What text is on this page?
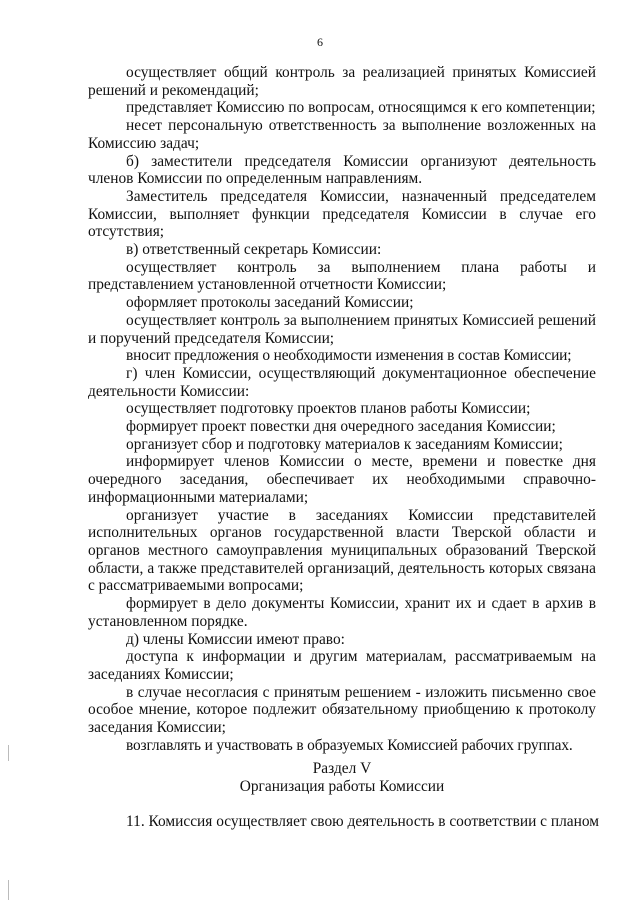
6

осуществляет общий контроль за реализацией принятых Комиссией решений и рекомендаций;

представляет Комиссию по вопросам, относящимся к его компетенции;

несет персональную ответственность за выполнение возложенных на Комиссию задач;

б) заместители председателя Комиссии организуют деятельность членов Комиссии по определенным направлениям.

Заместитель председателя Комиссии, назначенный председателем Комиссии, выполняет функции председателя Комиссии в случае его отсутствия;

в) ответственный секретарь Комиссии:

осуществляет контроль за выполнением плана работы и представлением установленной отчетности Комиссии;

оформляет протоколы заседаний Комиссии;

осуществляет контроль за выполнением принятых Комиссией решений и поручений председателя Комиссии;

вносит предложения о необходимости изменения в состав Комиссии;

г) член Комиссии, осуществляющий документационное обеспечение деятельности Комиссии:

осуществляет подготовку проектов планов работы Комиссии;

формирует проект повестки дня очередного заседания Комиссии;

организует сбор и подготовку материалов к заседаниям Комиссии;

информирует членов Комиссии о месте, времени и повестке дня очередного заседания, обеспечивает их необходимыми справочно-информационными материалами;

организует участие в заседаниях Комиссии представителей исполнительных органов государственной власти Тверской области и органов местного самоуправления муниципальных образований Тверской области, а также представителей организаций, деятельность которых связана с рассматриваемыми вопросами;

формирует в дело документы Комиссии, хранит их и сдает в архив в установленном порядке.

д) члены Комиссии имеют право:

доступа к информации и другим материалам, рассматриваемым на заседаниях Комиссии;

в случае несогласия с принятым решением - изложить письменно свое особое мнение, которое подлежит обязательному приобщению к протоколу заседания Комиссии;

возглавлять и участвовать в образуемых Комиссией рабочих группах.

Раздел V
Организация работы Комиссии
11. Комиссия осуществляет свою деятельность в соответствии с планом
